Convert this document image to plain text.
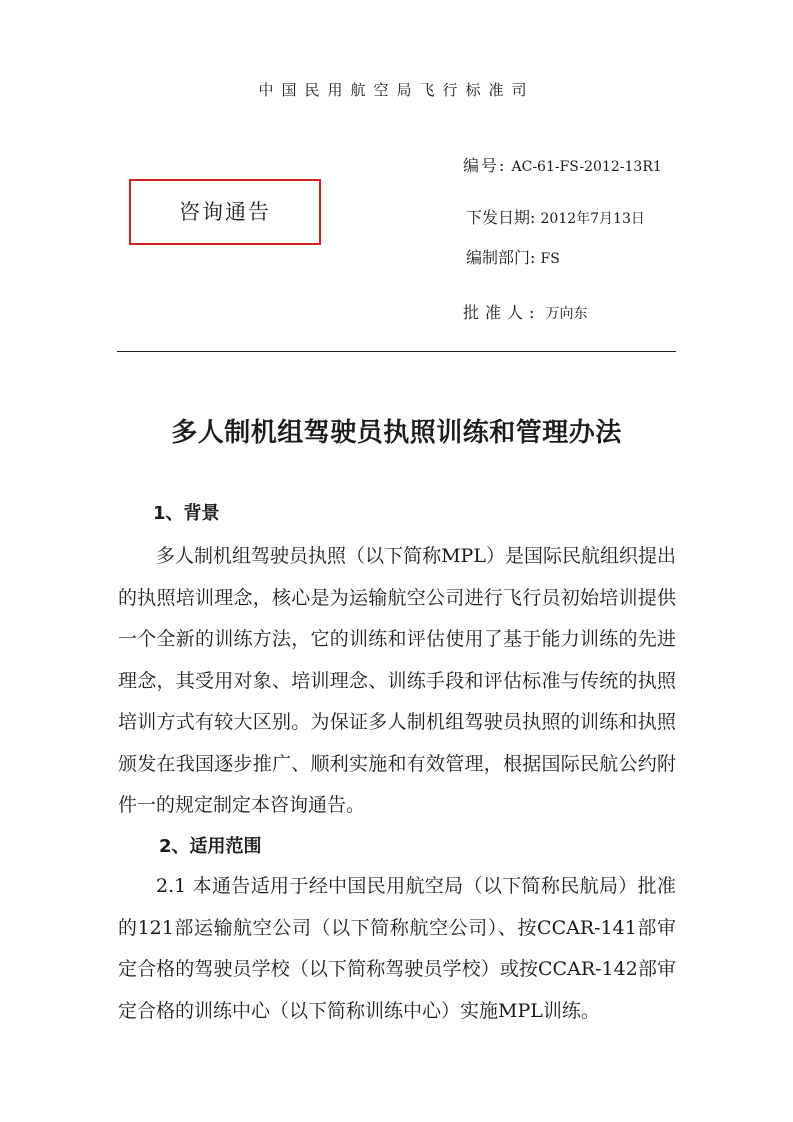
中国民用航空局飞行标准司
咨询通告
编号: AC-61-FS-2012-13R1
下发日期: 2012年7月13日
编制部门: FS
批准人: 万向东
多人制机组驾驶员执照训练和管理办法
1、背景
多人制机组驾驶员执照（以下简称MPL）是国际民航组织提出的执照培训理念，核心是为运输航空公司进行飞行员初始培训提供一个全新的训练方法，它的训练和评估使用了基于能力训练的先进理念，其受用对象、培训理念、训练手段和评估标准与传统的执照培训方式有较大区别。为保证多人制机组驾驶员执照的训练和执照颁发在我国逐步推广、顺利实施和有效管理，根据国际民航公约附件一的规定制定本咨询通告。
2、适用范围
2.1 本通告适用于经中国民用航空局（以下简称民航局）批准的121部运输航空公司（以下简称航空公司）、按CCAR-141部审定合格的驾驶员学校（以下简称驾驶员学校）或按CCAR-142部审定合格的训练中心（以下简称训练中心）实施MPL训练。
